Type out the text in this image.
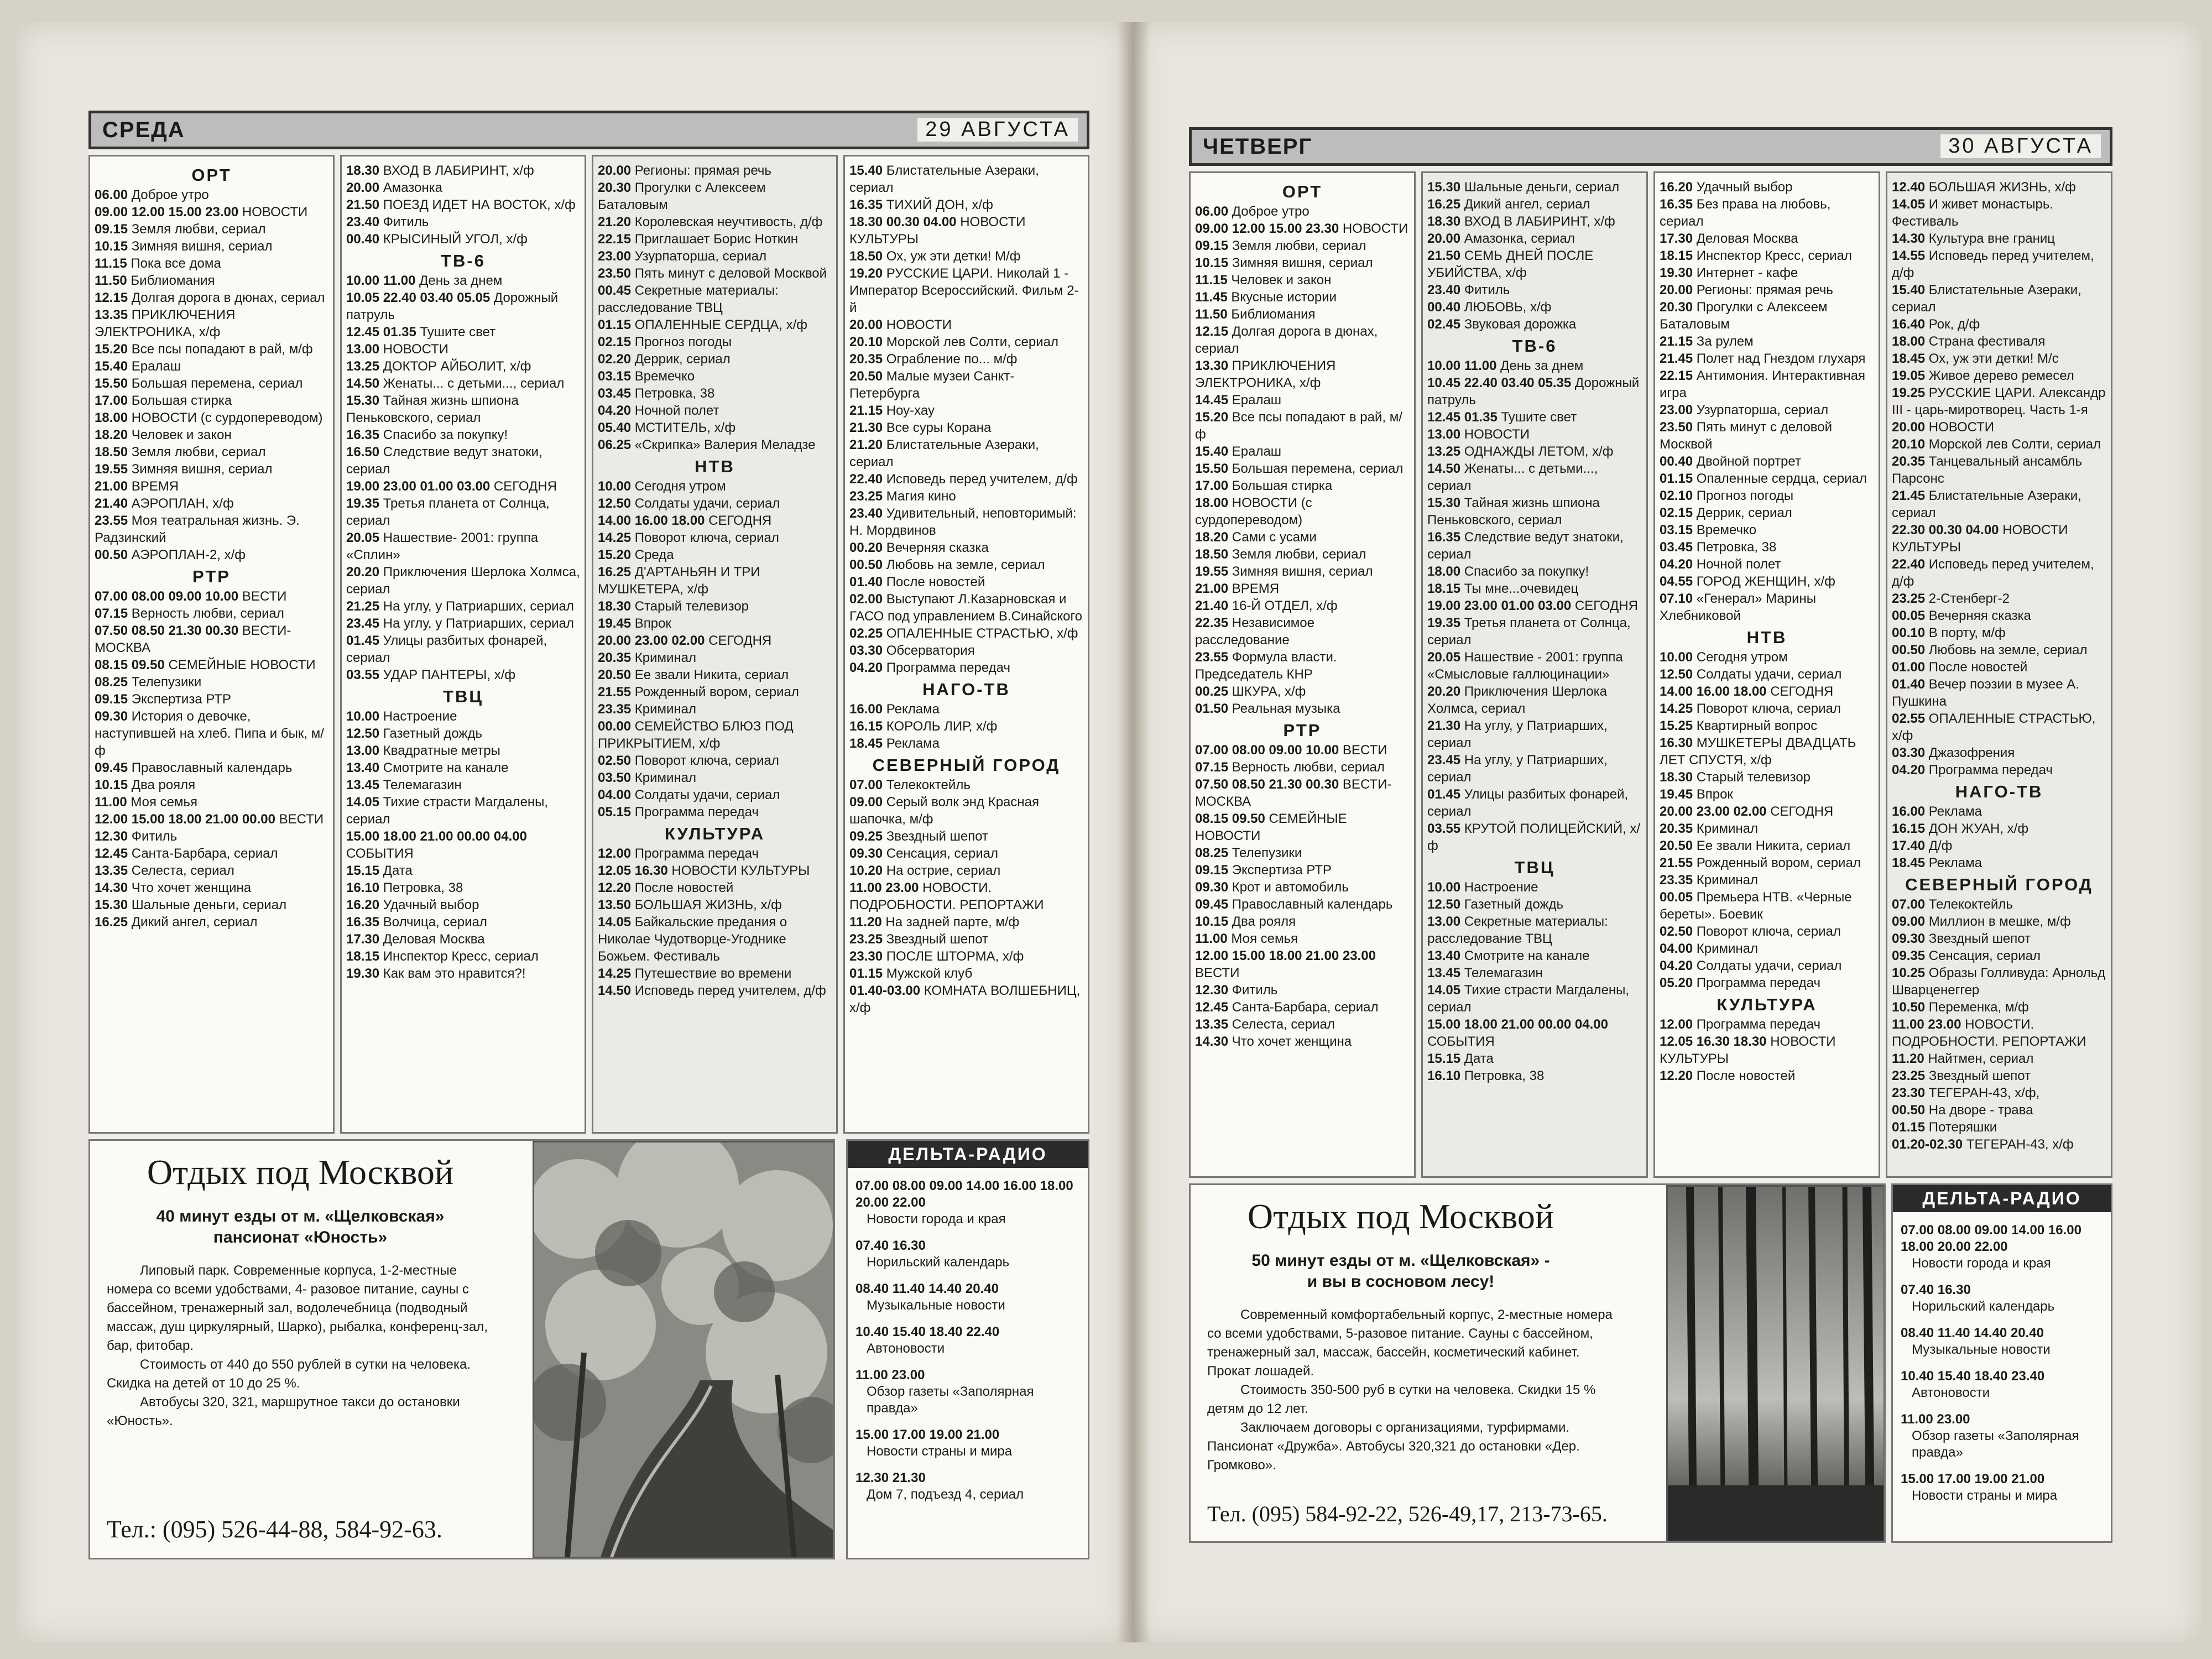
СРЕДА	29 АВГУСТА
ОРТ
06.00 Доброе утро
09.00 12.00 15.00 23.00 НОВОСТИ
09.15 Земля любви, сериал
10.15 Зимняя вишня, сериал
11.15 Пока все дома
11.50 Библиомания
12.15 Долгая дорога в дюнах, сериал
13.35 ПРИКЛЮЧЕНИЯ ЭЛЕКТРОНИКА, х/ф
15.20 Все псы попадают в рай, м/ф
15.40 Ералаш
15.50 Большая перемена, сериал
17.00 Большая стирка
18.00 НОВОСТИ (с сурдопереводом)
18.20 Человек и закон
18.50 Земля любви, сериал
19.55 Зимняя вишня, сериал
21.00 ВРЕМЯ
21.40 АЭРОПЛАН, х/ф
23.55 Моя театральная жизнь. Э. Радзинский
00.50 АЭРОПЛАН-2, х/ф
РТР
07.00 08.00 09.00 10.00 ВЕСТИ
07.15 Верность любви, сериал
07.50 08.50 21.30 00.30 ВЕСТИ-МОСКВА
08.15 09.50 СЕМЕЙНЫЕ НОВОСТИ
08.25 Телепузики
09.15 Экспертиза РТР
09.30 История о девочке, наступившей на хлеб. Пипа и бык, м/ф
09.45 Православный календарь
10.15 Два рояля
11.00 Моя семья
12.00 15.00 18.00 21.00 00.00 ВЕСТИ
12.30 Фитиль
12.45 Санта-Барбара, сериал
13.35 Селеста, сериал
14.30 Что хочет женщина
15.30 Шальные деньги, сериал
16.25 Дикий ангел, сериал
18.30 ВХОД В ЛАБИРИНТ, х/ф
20.00 Амазонка
21.50 ПОЕЗД ИДЕТ НА ВОСТОК, х/ф
23.40 Фитиль
00.40 КРЫСИНЫЙ УГОЛ, х/ф
ТВ-6
10.00 11.00 День за днем
10.05 22.40 03.40 05.05 Дорожный патруль
12.45 01.35 Тушите свет
13.00 НОВОСТИ
13.25 ДОКТОР АЙБОЛИТ, х/ф
14.50 Женаты... с детьми..., сериал
15.30 Тайная жизнь шпиона Пеньковского, сериал
16.35 Спасибо за покупку!
16.50 Следствие ведут знатоки, сериал
19.00 23.00 01.00 03.00 СЕГОДНЯ
19.35 Третья планета от Солнца, сериал
20.05 Нашествие- 2001: группа «Сплин»
20.20 Приключения Шерлока Холмса, сериал
21.25 На углу, у Патриарших, сериал
23.45 На углу, у Патриарших, сериал
01.45 Улицы разбитых фонарей, сериал
03.55 УДАР ПАНТЕРЫ, х/ф
ТВЦ
10.00 Настроение
12.50 Газетный дождь
13.00 Квадратные метры
13.40 Смотрите на канале
13.45 Телемагазин
14.05 Тихие страсти Магдалены, сериал
15.00 18.00 21.00 00.00 04.00 СОБЫТИЯ
15.15 Дата
16.10 Петровка, 38
16.20 Удачный выбор
16.35 Волчица, сериал
17.30 Деловая Москва
18.15 Инспектор Кресс, сериал
19.30 Как вам это нравится?!
20.00 Регионы: прямая речь
20.30 Прогулки с Алексеем Баталовым
21.20 Королевская неучтивость, д/ф
22.15 Приглашает Борис Ноткин
23.00 Узурпаторша, сериал
23.50 Пять минут с деловой Москвой
00.45 Секретные материалы: расследование ТВЦ
01.15 ОПАЛЕННЫЕ СЕРДЦА, х/ф
02.15 Прогноз погоды
02.20 Деррик, сериал
03.15 Времечко
03.45 Петровка, 38
04.20 Ночной полет
05.40 МСТИТЕЛЬ, х/ф
06.25 «Скрипка» Валерия Меладзе
НТВ
10.00 Сегодня утром
12.50 Солдаты удачи, сериал
14.00 16.00 18.00 СЕГОДНЯ
14.25 Поворот ключа, сериал
15.20 Среда
16.25 Д'АРТАНЬЯН И ТРИ МУШКЕТЕРА, х/ф
18.30 Старый телевизор
19.45 Впрок
20.00 23.00 02.00 СЕГОДНЯ
20.35 Криминал
20.50 Ее звали Никита, сериал
21.55 Рожденный вором, сериал
23.35 Криминал
00.00 СЕМЕЙСТВО БЛЮЗ ПОД ПРИКРЫТИЕМ, х/ф
02.50 Поворот ключа, сериал
03.50 Криминал
04.00 Солдаты удачи, сериал
05.15 Программа передач
КУЛЬТУРА
12.00 Программа передач
12.05 16.30 НОВОСТИ КУЛЬТУРЫ
12.20 После новостей
13.50 БОЛЬШАЯ ЖИЗНЬ, х/ф
14.05 Байкальские предания о Николае Чудотворце-Угоднике Божьем. Фестиваль
14.25 Путешествие во времени
14.50 Исповедь перед учителем, д/ф
15.40 Блистательные Азераки, сериал
16.35 ТИХИЙ ДОН, х/ф
18.30 00.30 04.00 НОВОСТИ КУЛЬТУРЫ
18.50 Ох, уж эти детки! М/ф
19.20 РУССКИЕ ЦАРИ. Николай 1 - Император Всероссийский. Фильм 2-й
20.00 НОВОСТИ
20.10 Морской лев Солти, сериал
20.35 Ограбление по... м/ф
20.50 Малые музеи Санкт-Петербурга
21.15 Ноу-хау
21.30 Все суры Корана
21.20 Блистательные Азераки, сериал
22.40 Исповедь перед учителем, д/ф
23.25 Магия кино
23.40 Удивительный, неповторимый: Н. Мордвинов
00.20 Вечерняя сказка
00.50 Любовь на земле, сериал
01.40 После новостей
02.00 Выступают Л.Казарновская и ГАСО под управлением В.Синайского
02.25 ОПАЛЕННЫЕ СТРАСТЬЮ, х/ф
03.30 Обсерватория
04.20 Программа передач
НАГО-ТВ
16.00 Реклама
16.15 КОРОЛЬ ЛИР, х/ф
18.45 Реклама
СЕВЕРНЫЙ ГОРОД
07.00 Телекоктейль
09.00 Серый волк энд Красная шапочка, м/ф
09.25 Звездный шепот
09.30 Сенсация, сериал
10.20 На острие, сериал
11.00 23.00 НОВОСТИ. ПОДРОБНОСТИ. РЕПОРТАЖИ
11.20 На задней парте, м/ф
23.25 Звездный шепот
23.30 ПОСЛЕ ШТОРМА, х/ф
01.15 Мужской клуб
01.40-03.00 КОМНАТА ВОЛШЕБНИЦ, х/ф
Отдых под Москвой
40 минут езды от м. «Щелковская»
пансионат «Юность»
Липовый парк. Современные корпуса, 1-2-местные номера со всеми удобствами, 4- разовое питание, сауны с бассейном, тренажерный зал, водолечебница (подводный массаж, душ циркулярный, Шарко), рыбалка, конференц-зал, бар, фитобар.
Стоимость от 440 до 550 рублей в сутки на человека. Скидка на детей от 10 до 25 %.
Автобусы 320, 321, маршрутное такси до остановки «Юность».
Тел.: (095) 526-44-88, 584-92-63.
ДЕЛЬТА-РАДИО
07.00 08.00 09.00 14.00 16.00 18.00 20.00 22.00
Новости города и края
07.40 16.30
Норильский календарь
08.40 11.40 14.40 20.40
Музыкальные новости
10.40 15.40 18.40 22.40
Автоновости
11.00 23.00
Обзор газеты «Заполярная правда»
15.00 17.00 19.00 21.00
Новости страны и мира
12.30 21.30
Дом 7, подъезд 4, сериал
ЧЕТВЕРГ	30 АВГУСТА
ОРТ
06.00 Доброе утро
09.00 12.00 15.00 23.30 НОВОСТИ
09.15 Земля любви, сериал
10.15 Зимняя вишня, сериал
11.15 Человек и закон
11.45 Вкусные истории
11.50 Библиомания
12.15 Долгая дорога в дюнах, сериал
13.30 ПРИКЛЮЧЕНИЯ ЭЛЕКТРОНИКА, х/ф
14.45 Ералаш
15.20 Все псы попадают в рай, м/ф
15.40 Ералаш
15.50 Большая перемена, сериал
17.00 Большая стирка
18.00 НОВОСТИ (с сурдопереводом)
18.20 Сами с усами
18.50 Земля любви, сериал
19.55 Зимняя вишня, сериал
21.00 ВРЕМЯ
21.40 16-Й ОТДЕЛ, х/ф
22.35 Независимое расследование
23.55 Формула власти. Председатель КНР
00.25 ШКУРА, х/ф
01.50 Реальная музыка
РТР
07.00 08.00 09.00 10.00 ВЕСТИ
07.15 Верность любви, сериал
07.50 08.50 21.30 00.30 ВЕСТИ-МОСКВА
08.15 09.50 СЕМЕЙНЫЕ НОВОСТИ
08.25 Телепузики
09.15 Экспертиза РТР
09.30 Крот и автомобиль
09.45 Православный календарь
10.15 Два рояля
11.00 Моя семья
12.00 15.00 18.00 21.00 23.00 ВЕСТИ
12.30 Фитиль
12.45 Санта-Барбара, сериал
13.35 Селеста, сериал
14.30 Что хочет женщина
15.30 Шальные деньги, сериал
16.25 Дикий ангел, сериал
18.30 ВХОД В ЛАБИРИНТ, х/ф
20.00 Амазонка, сериал
21.50 СЕМЬ ДНЕЙ ПОСЛЕ УБИЙСТВА, х/ф
23.40 Фитиль
00.40 ЛЮБОВЬ, х/ф
02.45 Звуковая дорожка
ТВ-6
10.00 11.00 День за днем
10.45 22.40 03.40 05.35 Дорожный патруль
12.45 01.35 Тушите свет
13.00 НОВОСТИ
13.25 ОДНАЖДЫ ЛЕТОМ, х/ф
14.50 Женаты... с детьми..., сериал
15.30 Тайная жизнь шпиона Пеньковского, сериал
16.35 Следствие ведут знатоки, сериал
18.00 Спасибо за покупку!
18.15 Ты мне...очевидец
19.00 23.00 01.00 03.00 СЕГОДНЯ
19.35 Третья планета от Солнца, сериал
20.05 Нашествие - 2001: группа «Смысловые галлюцинации»
20.20 Приключения Шерлока Холмса, сериал
21.30 На углу, у Патриарших, сериал
23.45 На углу, у Патриарших, сериал
01.45 Улицы разбитых фонарей, сериал
03.55 КРУТОЙ ПОЛИЦЕЙСКИЙ, х/ф
ТВЦ
10.00 Настроение
12.50 Газетный дождь
13.00 Секретные материалы: расследование ТВЦ
13.40 Смотрите на канале
13.45 Телемагазин
14.05 Тихие страсти Магдалены, сериал
15.00 18.00 21.00 00.00 04.00 СОБЫТИЯ
15.15 Дата
16.10 Петровка, 38
16.20 Удачный выбор
16.35 Без права на любовь, сериал
17.30 Деловая Москва
18.15 Инспектор Кресс, сериал
19.30 Интернет - кафе
20.00 Регионы: прямая речь
20.30 Прогулки с Алексеем Баталовым
21.15 За рулем
21.45 Полет над Гнездом глухаря
22.15 Антимония. Интерактивная игра
23.00 Узурпаторша, сериал
23.50 Пять минут с деловой Москвой
00.40 Двойной портрет
01.15 Опаленные сердца, сериал
02.10 Прогноз погоды
02.15 Деррик, сериал
03.15 Времечко
03.45 Петровка, 38
04.20 Ночной полет
04.55 ГОРОД ЖЕНЩИН, х/ф
07.10 «Генерал» Марины Хлебниковой
НТВ
10.00 Сегодня утром
12.50 Солдаты удачи, сериал
14.00 16.00 18.00 СЕГОДНЯ
14.25 Поворот ключа, сериал
15.25 Квартирный вопрос
16.30 МУШКЕТЕРЫ ДВАДЦАТЬ ЛЕТ СПУСТЯ, х/ф
18.30 Старый телевизор
19.45 Впрок
20.00 23.00 02.00 СЕГОДНЯ
20.35 Криминал
20.50 Ее звали Никита, сериал
21.55 Рожденный вором, сериал
23.35 Криминал
00.05 Премьера НТВ. «Черные береты». Боевик
02.50 Поворот ключа, сериал
04.00 Криминал
04.20 Солдаты удачи, сериал
05.20 Программа передач
КУЛЬТУРА
12.00 Программа передач
12.05 16.30 18.30 НОВОСТИ КУЛЬТУРЫ
12.20 После новостей
12.40 БОЛЬШАЯ ЖИЗНЬ, х/ф
14.05 И живет монастырь. Фестиваль
14.30 Культура вне границ
14.55 Исповедь перед учителем, д/ф
15.40 Блистательные Азераки, сериал
16.40 Рок, д/ф
18.00 Страна фестиваля
18.45 Ох, уж эти детки! М/с
19.05 Живое дерево ремесел
19.25 РУССКИЕ ЦАРИ. Александр III - царь-миротворец. Часть 1-я
20.00 НОВОСТИ
20.10 Морской лев Солти, сериал
20.35 Танцевальный ансамбль Парсонс
21.45 Блистательные Азераки, сериал
22.30 00.30 04.00 НОВОСТИ КУЛЬТУРЫ
22.40 Исповедь перед учителем, д/ф
23.25 2-Стенберг-2
00.05 Вечерняя сказка
00.10 В порту, м/ф
00.50 Любовь на земле, сериал
01.00 После новостей
01.40 Вечер поэзии в музее А. Пушкина
02.55 ОПАЛЕННЫЕ СТРАСТЬЮ, х/ф
03.30 Джазофрения
04.20 Программа передач
НАГО-ТВ
16.00 Реклама
16.15 ДОН ЖУАН, х/ф
17.40 Д/ф
18.45 Реклама
СЕВЕРНЫЙ ГОРОД
07.00 Телекоктейль
09.00 Миллион в мешке, м/ф
09.30 Звездный шепот
09.35 Сенсация, сериал
10.25 Образы Голливуда: Арнольд Шварценеггер
10.50 Переменка, м/ф
11.00 23.00 НОВОСТИ. ПОДРОБНОСТИ. РЕПОРТАЖИ
11.20 Найтмен, сериал
23.25 Звездный шепот
23.30 ТЕГЕРАН-43, х/ф,
00.50 На дворе - трава
01.15 Потеряшки
01.20-02.30 ТЕГЕРАН-43, х/ф
Отдых под Москвой
50 минут езды от м. «Щелковская» -
и вы в сосновом лесу!
Современный комфортабельный корпус, 2-местные номера со всеми удобствами, 5-разовое питание. Сауны с бассейном, тренажерный зал, массаж, бассейн, косметический кабинет. Прокат лошадей.
Стоимость 350-500 руб в сутки на человека. Скидки 15 % детям до 12 лет.
Заключаем договоры с организациями, турфирмами. Пансионат «Дружба». Автобусы 320,321 до остановки «Дер. Громково».
Тел. (095) 584-92-22, 526-49,17, 213-73-65.
ДЕЛЬТА-РАДИО
07.00 08.00 09.00 14.00 16.00 18.00 20.00 22.00
Новости города и края
07.40 16.30
Норильский календарь
08.40 11.40 14.40 20.40
Музыкальные новости
10.40 15.40 18.40 23.40
Автоновости
11.00 23.00
Обзор газеты «Заполярная правда»
15.00 17.00 19.00 21.00
Новости страны и мира
